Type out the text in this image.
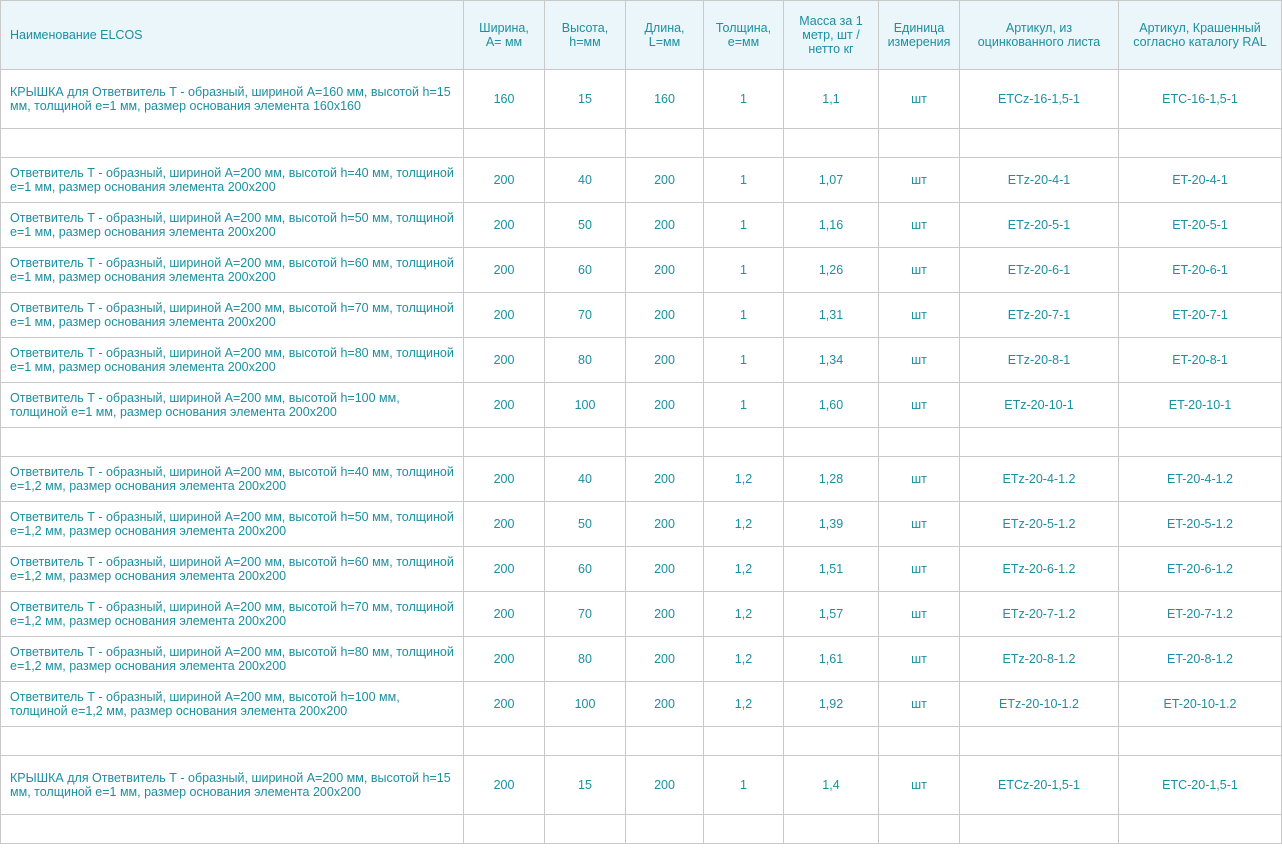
Наименование ELCOS	Ширина, А= мм	Высота, h=мм	Длина, L=мм	Толщина, е=мм	Масса за 1 метр, шт / нетто кг	Единица измерения	Артикул, из оцинкованного листа	Артикул, Крашенный согласно каталогу RAL
КРЫШКА для Ответвитель Т - образный, шириной А=160 мм, высотой h=15 мм, толщиной е=1 мм, размер основания элемента 160x160	160	15	160	1	1,1	шт	ETCz-16-1,5-1	ETC-16-1,5-1

Ответвитель Т - образный, шириной А=200 мм, высотой h=40 мм, толщиной е=1 мм, размер основания элемента 200x200	200	40	200	1	1,07	шт	ETz-20-4-1	ET-20-4-1
Ответвитель Т - образный, шириной А=200 мм, высотой h=50 мм, толщиной е=1 мм, размер основания элемента 200x200	200	50	200	1	1,16	шт	ETz-20-5-1	ET-20-5-1
Ответвитель Т - образный, шириной А=200 мм, высотой h=60 мм, толщиной е=1 мм, размер основания элемента 200x200	200	60	200	1	1,26	шт	ETz-20-6-1	ET-20-6-1
Ответвитель Т - образный, шириной А=200 мм, высотой h=70 мм, толщиной е=1 мм, размер основания элемента 200x200	200	70	200	1	1,31	шт	ETz-20-7-1	ET-20-7-1
Ответвитель Т - образный, шириной А=200 мм, высотой h=80 мм, толщиной е=1 мм, размер основания элемента 200x200	200	80	200	1	1,34	шт	ETz-20-8-1	ET-20-8-1
Ответвитель Т - образный, шириной А=200 мм, высотой h=100 мм, толщиной е=1 мм, размер основания элемента 200x200	200	100	200	1	1,60	шт	ETz-20-10-1	ET-20-10-1

Ответвитель Т - образный, шириной А=200 мм, высотой h=40 мм, толщиной е=1,2 мм, размер основания элемента 200x200	200	40	200	1,2	1,28	шт	ETz-20-4-1.2	ET-20-4-1.2
Ответвитель Т - образный, шириной А=200 мм, высотой h=50 мм, толщиной е=1,2 мм, размер основания элемента 200x200	200	50	200	1,2	1,39	шт	ETz-20-5-1.2	ET-20-5-1.2
Ответвитель Т - образный, шириной А=200 мм, высотой h=60 мм, толщиной е=1,2 мм, размер основания элемента 200x200	200	60	200	1,2	1,51	шт	ETz-20-6-1.2	ET-20-6-1.2
Ответвитель Т - образный, шириной А=200 мм, высотой h=70 мм, толщиной е=1,2 мм, размер основания элемента 200x200	200	70	200	1,2	1,57	шт	ETz-20-7-1.2	ET-20-7-1.2
Ответвитель Т - образный, шириной А=200 мм, высотой h=80 мм, толщиной е=1,2 мм, размер основания элемента 200x200	200	80	200	1,2	1,61	шт	ETz-20-8-1.2	ET-20-8-1.2
Ответвитель Т - образный, шириной А=200 мм, высотой h=100 мм, толщиной е=1,2 мм, размер основания элемента 200x200	200	100	200	1,2	1,92	шт	ETz-20-10-1.2	ET-20-10-1.2

КРЫШКА для Ответвитель Т - образный, шириной А=200 мм, высотой h=15 мм, толщиной е=1 мм, размер основания элемента 200x200	200	15	200	1	1,4	шт	ETCz-20-1,5-1	ETC-20-1,5-1
